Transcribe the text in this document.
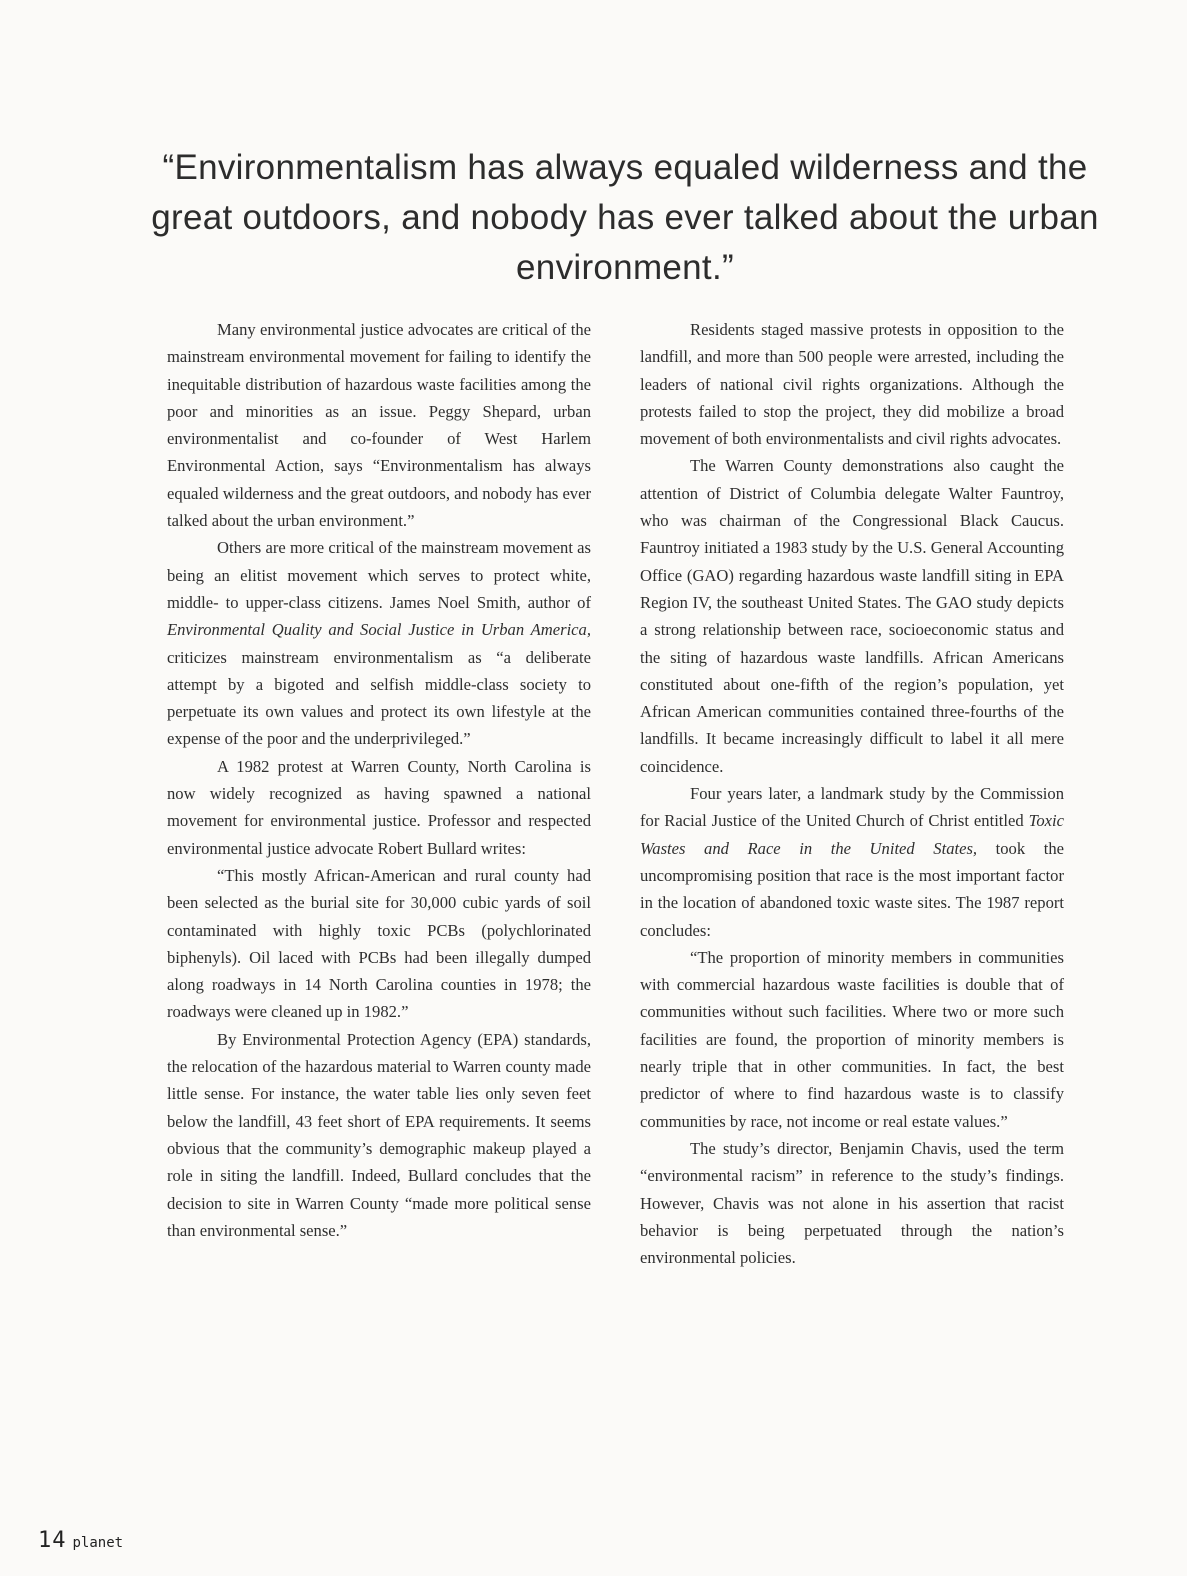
“Environmentalism has always equaled wilderness and the great outdoors, and nobody has ever talked about the urban environment.”

Many environmental justice advocates are critical of the mainstream environmental movement for failing to identify the inequitable distribution of hazardous waste facilities among the poor and minorities as an issue. Peggy Shepard, urban environmentalist and co-founder of West Harlem Environmental Action, says “Environmentalism has always equaled wilderness and the great outdoors, and nobody has ever talked about the urban environment.”

Others are more critical of the mainstream movement as being an elitist movement which serves to protect white, middle- to upper-class citizens. James Noel Smith, author of Environmental Quality and Social Justice in Urban America, criticizes mainstream environmentalism as “a deliberate attempt by a bigoted and selfish middle-class society to perpetuate its own values and protect its own lifestyle at the expense of the poor and the underprivileged.”

A 1982 protest at Warren County, North Carolina is now widely recognized as having spawned a national movement for environmental justice. Professor and respected environmental justice advocate Robert Bullard writes:

“This mostly African-American and rural county had been selected as the burial site for 30,000 cubic yards of soil contaminated with highly toxic PCBs (polychlorinated biphenyls). Oil laced with PCBs had been illegally dumped along roadways in 14 North Carolina counties in 1978; the roadways were cleaned up in 1982.”

By Environmental Protection Agency (EPA) standards, the relocation of the hazardous material to Warren county made little sense. For instance, the water table lies only seven feet below the landfill, 43 feet short of EPA requirements. It seems obvious that the community’s demographic makeup played a role in siting the landfill. Indeed, Bullard concludes that the decision to site in Warren County “made more political sense than environmental sense.”

Residents staged massive protests in opposition to the landfill, and more than 500 people were arrested, including the leaders of national civil rights organizations. Although the protests failed to stop the project, they did mobilize a broad movement of both environmentalists and civil rights advocates.

The Warren County demonstrations also caught the attention of District of Columbia delegate Walter Fauntroy, who was chairman of the Congressional Black Caucus. Fauntroy initiated a 1983 study by the U.S. General Accounting Office (GAO) regarding hazardous waste landfill siting in EPA Region IV, the southeast United States. The GAO study depicts a strong relationship between race, socioeconomic status and the siting of hazardous waste landfills. African Americans constituted about one-fifth of the region’s population, yet African American communities contained three-fourths of the landfills. It became increasingly difficult to label it all mere coincidence.

Four years later, a landmark study by the Commission for Racial Justice of the United Church of Christ entitled Toxic Wastes and Race in the United States, took the uncompromising position that race is the most important factor in the location of abandoned toxic waste sites. The 1987 report concludes:

“The proportion of minority members in communities with commercial hazardous waste facilities is double that of communities without such facilities. Where two or more such facilities are found, the proportion of minority members is nearly triple that in other communities. In fact, the best predictor of where to find hazardous waste is to classify communities by race, not income or real estate values.”

The study’s director, Benjamin Chavis, used the term “environmental racism” in reference to the study’s findings. However, Chavis was not alone in his assertion that racist behavior is being perpetuated through the nation’s environmental policies.

14 planet
